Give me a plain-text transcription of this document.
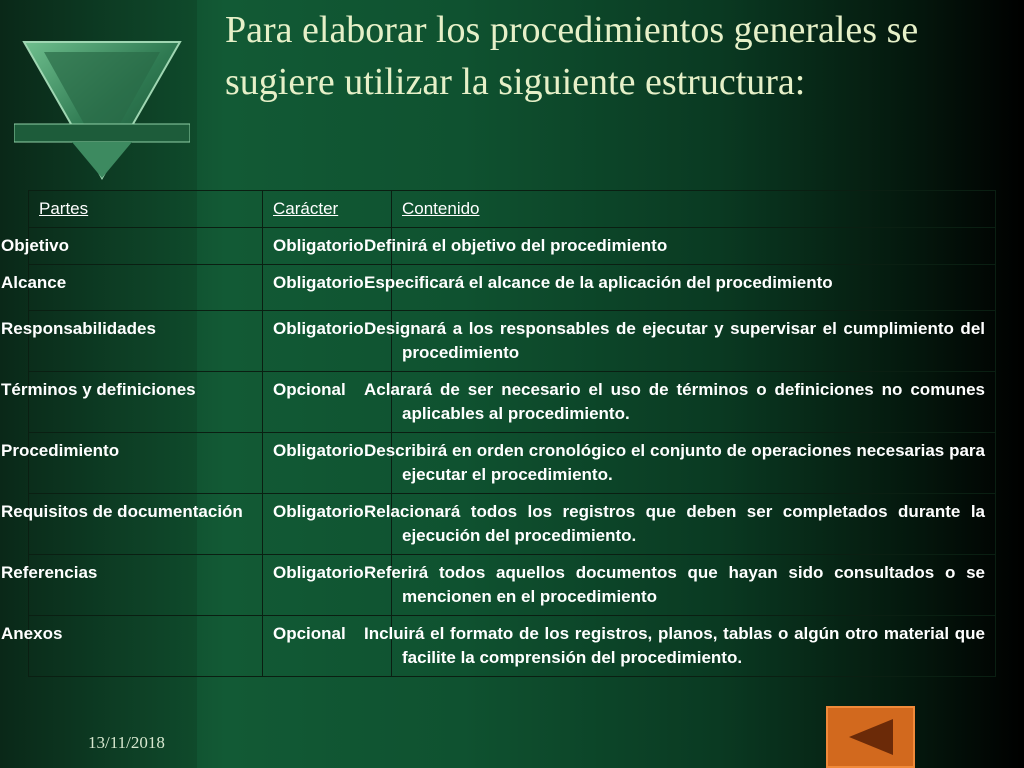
Para elaborar los procedimientos generales se sugiere utilizar la siguiente estructura:
Partes	Carácter	Contenido
Objetivo	Obligatorio	Definirá el objetivo del procedimiento
Alcance	Obligatorio	Especificará el alcance de la aplicación del procedimiento
Responsabilidades	Obligatorio	Designará a los responsables de ejecutar y supervisar el cumplimiento del procedimiento
Términos y definiciones	Opcional	Aclarará de ser necesario el uso de términos o definiciones no comunes aplicables al procedimiento.
Procedimiento	Obligatorio	Describirá en orden cronológico el conjunto de operaciones necesarias para ejecutar el procedimiento.
Requisitos de documentación	Obligatorio	Relacionará todos los registros que deben ser completados durante la ejecución del procedimiento.
Referencias	Obligatorio	Referirá todos aquellos documentos que hayan sido consultados o se mencionen en el procedimiento
Anexos	Opcional	Incluirá el formato de los registros, planos, tablas o algún otro material que facilite la comprensión del procedimiento.
13/11/2018
